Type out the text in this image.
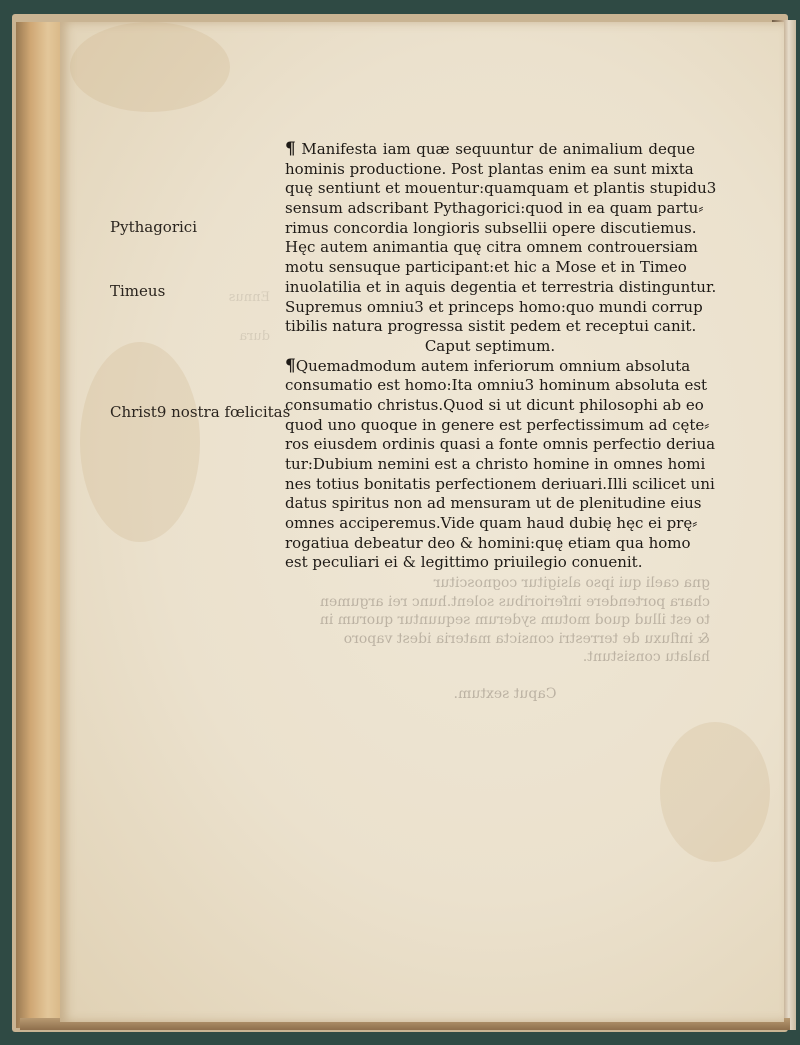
Ennus
dura
Pythagorici
Timeus
Christ9 nostra fœlicitas
¶ Manifesta iam quæ sequuntur de animalium deque
hominis productione. Post plantas enim ea sunt mixta
quę sentiunt et mouentur:quamquam et plantis stupidu3
sensum adscribant Pythagorici:quod in ea quam partu⸗
rimus concordia longioris subsellii opere discutiemus.
Hęc autem animantia quę citra omnem controuersiam
motu sensuque participant:et hic a Mose et in Timeo
inuolatilia et in aquis degentia et terrestria distinguntur.
Supremus omniu3 et princeps homo:quo mundi corrup
tibilis natura progressa sistit pedem et receptui canit.
Caput septimum.
¶Quemadmodum autem inferiorum omnium absoluta
consumatio est homo:Ita omniu3 hominum absoluta est
consumatio christus.Quod si ut dicunt philosophi ab eo
quod uno quoque in genere est perfectissimum ad cęte⸗
ros eiusdem ordinis quasi a fonte omnis perfectio deriua
tur:Dubium nemini est a christo homine in omnes homi
nes totius bonitatis perfectionem deriuari.Illi scilicet uni
datus spiritus non ad mensuram ut de plenitudine eius
omnes acciperemus.Vide quam haud dubię hęc ei prę⸗
rogatiua debeatur deo & homini:quę etiam qua homo
est peculiari ei & legittimo priuilegio conuenit.
gna caeli qui ipso alsigitur cognoscitur
chara portendere inferioribus solent.hunc rei argumen
to est illud quod motum syderum sequuntur quorum in
& influxu de terrestri consicta materia idest vaporo
halatu consistunt.
Caput sextum.
